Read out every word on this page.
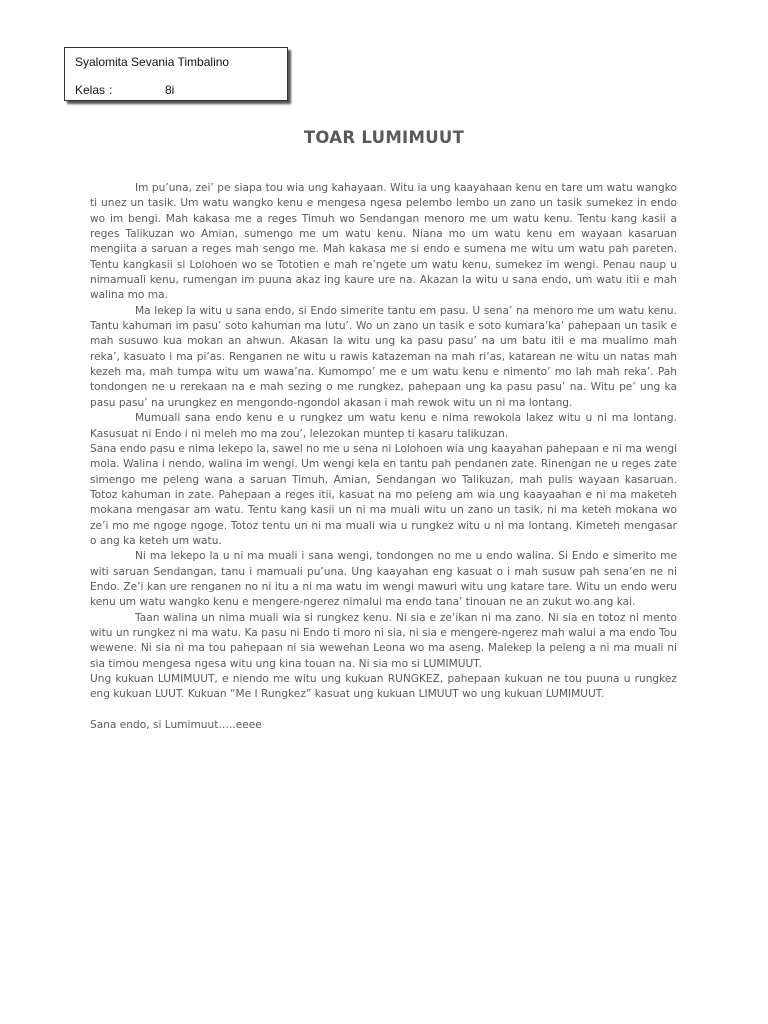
Syalomita Sevania Timbalino
Kelas :	8i
TOAR LUMIMUUT

Im pu’una, zei’ pe siapa tou wia ung kahayaan. Witu ia ung kaayahaan kenu en tare um watu wangko ti unez un tasik. Um watu wangko kenu e mengesa ngesa pelembo lembo un zano un tasik sumekez in endo wo im bengi. Mah kakasa me a reges Timuh wo Sendangan menoro me um watu kenu. Tentu kang kasii a reges Talikuzan wo Amian, sumengo me um watu kenu. Niana mo um watu kenu em wayaan kasaruan mengiita a saruan a reges mah sengo me. Mah kakasa me si endo e sumena me witu um watu pah pareten. Tentu kangkasii si Lolohoen wo se Tototien e mah re’ngete um watu kenu, sumekez im wengi. Penau naup u nimamuali kenu, rumengan im puuna akaz ing kaure ure na. Akazan la witu u sana endo, um watu itii e mah walina mo ma.

Ma lekep la witu u sana endo, si Endo simerite tantu em pasu. U sena’ na menoro me um watu kenu. Tantu kahuman im pasu’ soto kahuman ma lutu’. Wo un zano un tasik e soto kumara’ka’ pahepaan un tasik e mah susuwo kua mokan an ahwun. Akasan la witu ung ka pasu pasu’ na um batu itii e ma mualimo mah reka’, kasuato i ma pi’as. Renganen ne witu u rawis katazeman na mah ri’as, katarean ne witu un natas mah kezeh ma, mah tumpa witu um wawa’na. Kumompo’ me e um watu kenu e nimento’ mo lah mah reka’. Pah tondongen ne u rerekaan na e mah sezing o me rungkez, pahepaan ung ka pasu pasu’ na. Witu pe’ ung ka pasu pasu’ na urungkez en mengondo-ngondol akasan i mah rewok witu un ni ma lontang.

Mumuali sana endo kenu e u rungkez um watu kenu e nima rewokola lakez witu u ni ma lontang. Kasusuat ni Endo i ni meleh mo ma zou’, lelezokan muntep ti kasaru talikuzan.

Sana endo pasu e nima lekepo la, sawel no me u sena ni Lolohoen wia ung kaayahan pahepaan e ni ma wengi mola. Walina i nendo, walina im wengi. Um wengi kela en tantu pah pendanen zate. Rinengan ne u reges zate simengo me peleng wana a saruan Timuh, Amian, Sendangan wo Talikuzan, mah pulis wayaan kasaruan. Totoz kahuman in zate. Pahepaan a reges itii, kasuat na mo peleng am wia ung kaayaahan e ni ma maketeh mokana mengasar am watu. Tentu kang kasii un ni ma muali witu un zano un tasik, ni ma keteh mokana wo ze’i mo me ngoge ngoge. Totoz tentu un ni ma muali wia u rungkez witu u ni ma lontang. Kimeteh mengasar o ang ka keteh um watu.

Ni ma lekepo la u ni ma muali i sana wengi, tondongen no me u endo walina. Si Endo e simerito me witi saruan Sendangan, tanu i mamuali pu’una. Ung kaayahan eng kasuat o i mah susuw pah sena’en ne ni Endo. Ze’i kan ure renganen no ni itu a ni ma watu im wengi mawuri witu ung katare tare. Witu un endo weru kenu um watu wangko kenu e mengere-ngerez nimalui ma endo tana’ tinouan ne an zukut wo ang kai.

Taan walina un nima muali wia si rungkez kenu. Ni sia e ze’ikan ni ma zano. Ni sia en totoz ni mento witu un rungkez ni ma watu. Ka pasu ni Endo ti moro ni sia, ni sia e mengere-ngerez mah walui a ma endo Tou wewene. Ni sia ni ma tou pahepaan ni sia wewehan Leona wo ma aseng. Malekep la peleng a ni ma muali ni sia timou mengesa ngesa witu ung kina touan na. Ni sia mo si LUMIMUUT.

Ung kukuan LUMIMUUT, e niendo me witu ung kukuan RUNGKEZ, pahepaan kukuan ne tou puuna u rungkez eng kukuan LUUT. Kukuan “Me I Rungkez” kasuat ung kukuan LIMUUT wo ung kukuan LUMIMUUT.

Sana endo, si Lumimuut…..eeee
